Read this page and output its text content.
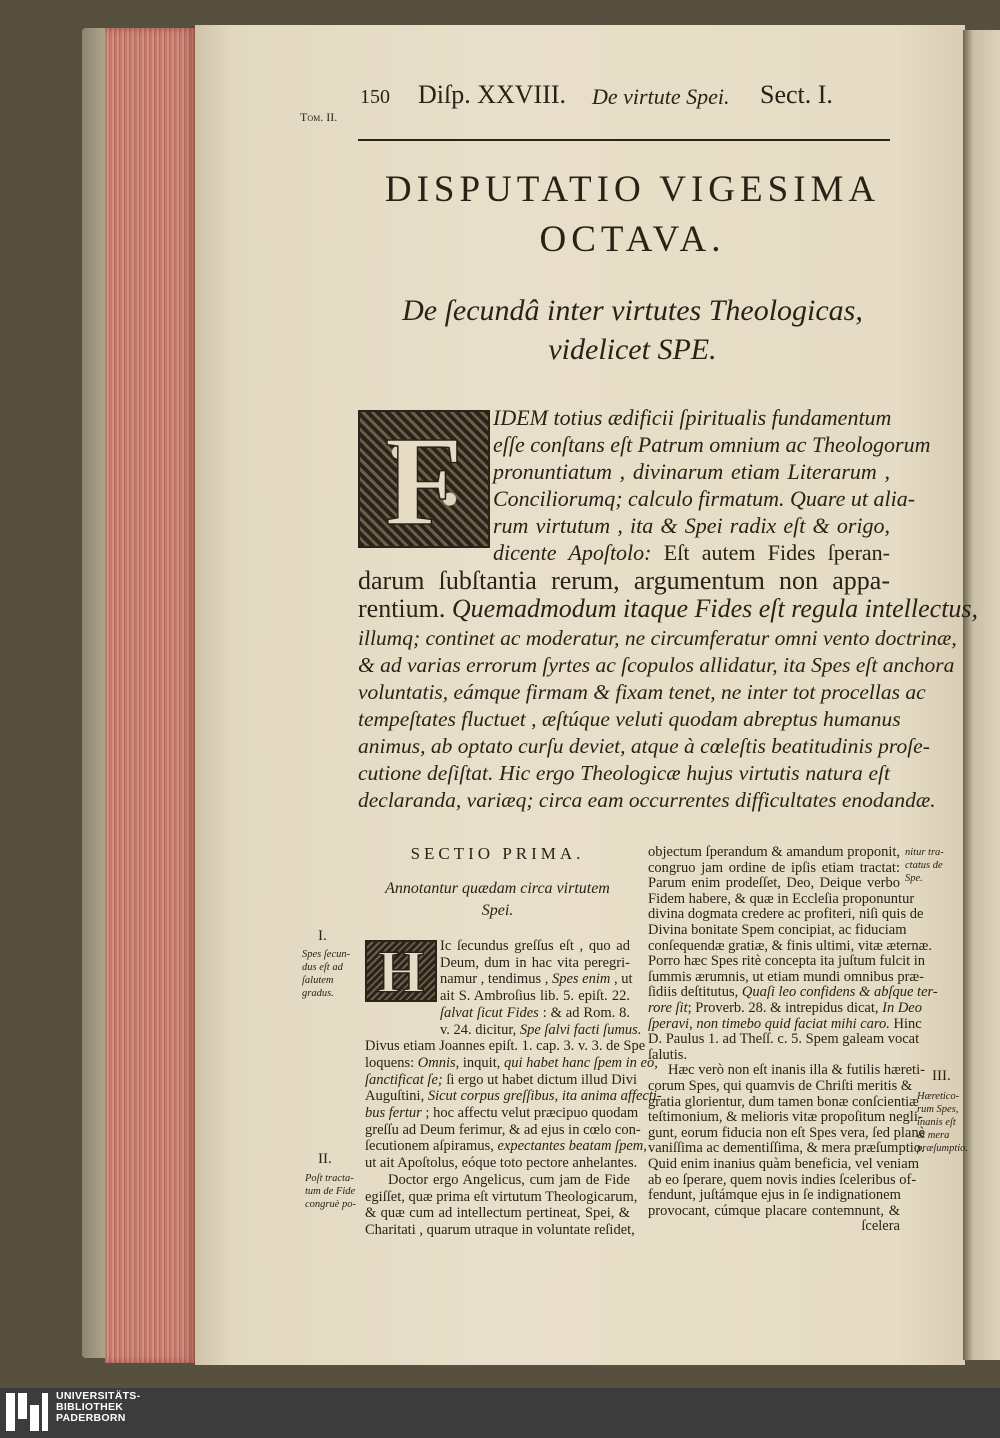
Tom. II.
150 Diſp. XXVIII. De virtute Spei. Sect. I.
DISPUTATIO VIGESIMA
OCTAVA.
De ſecundâ inter virtutes Theologicas,
videlicet SPE.
F	IDEM totius ædificii ſpiritualis fundamentum
eſſe conſtans eſt Patrum omnium ac Theologorum
pronuntiatum , divinarum etiam Literarum ,
Conciliorumq; calculo firmatum. Quare ut alia-
rum virtutum , ita & Spei radix eſt & origo,
dicente Apoſtolo: Eſt autem Fides ſperan-
darum ſubſtantia rerum, argumentum non appa-
rentium. Quemadmodum itaque Fides eſt regula intellectus,
illumq; continet ac moderatur, ne circumferatur omni vento doctrinæ,
& ad varias errorum ſyrtes ac ſcopulos allidatur, ita Spes eſt anchora
voluntatis, eámque firmam & fixam tenet, ne inter tot procellas ac
tempeſtates fluctuet , æſtúque veluti quodam abreptus humanus
animus, ab optato curſu deviet, atque à cœleſtis beatitudinis proſe-
cutione deſiſtat. Hic ergo Theologicæ hujus virtutis natura eſt
declaranda, variæq; circa eam occurrentes difficultates enodandæ.
SECTIO PRIMA.
Annotantur quædam circa virtutem
Spei.
H	Ic ſecundus greſſus eſt , quo ad
Deum, dum in hac vita peregri-
namur , tendimus , Spes enim , ut
ait S. Ambroſius lib. 5. epiſt. 22.
ſalvat ſicut Fides : & ad Rom. 8.
v. 24. dicitur, Spe ſalvi facti ſumus.
Divus etiam Joannes epiſt. 1. cap. 3. v. 3. de Spe
loquens: Omnis, inquit, qui habet hanc ſpem in eo,
ſanctificat ſe; ſi ergo ut habet dictum illud Divi
Auguſtini, Sicut corpus greſſibus, ita anima affecti-
bus fertur ; hoc affectu velut præcipuo quodam
greſſu ad Deum ferimur, & ad ejus in cœlo con-
ſecutionem aſpiramus, expectantes beatam ſpem,
ut ait Apoſtolus, eóque toto pectore anhelantes.
Doctor ergo Angelicus, cum jam de Fide
egiſſet, quæ prima eſt virtutum Theologicarum,
& quæ cum ad intellectum pertineat, Spei, &
Charitati , quarum utraque in voluntate reſidet,
objectum ſperandum & amandum proponit,
congruo jam ordine de ipſis etiam tractat:
Parum enim prodeſſet, Deo, Deique verbo
Fidem habere, & quæ in Eccleſia proponuntur
divina dogmata credere ac profiteri, niſi quis de
Divina bonitate Spem concipiat, ac fiduciam
conſequendæ gratiæ, & finis ultimi, vitæ æternæ.
Porro hæc Spes ritè concepta ita juſtum fulcit in
ſummis ærumnis, ut etiam mundi omnibus præ-
ſidiis deſtitutus, Quaſi leo confidens & abſque ter-
rore ſit; Proverb. 28. & intrepidus dicat, In Deo
ſperavi, non timebo quid faciat mihi caro. Hinc
D. Paulus 1. ad Theſſ. c. 5. Spem galeam vocat
ſalutis.
Hæc verò non eſt inanis illa & futilis hæreti-
corum Spes, qui quamvis de Chriſti meritis &
gratia glorientur, dum tamen bonæ conſcientiæ
teſtimonium, & melioris vitæ propoſitum negli-
gunt, eorum fiducia non eſt Spes vera, ſed planè
vaniſſima ac dementiſſima, & mera præſumptio.
Quid enim inanius quàm beneficia, vel veniam
ab eo ſperare, quem novis indies ſceleribus of-
fendunt, juſtámque ejus in ſe indignationem
provocant, cúmque placare contemnunt, &
ſcelera
I.
Spes ſecun-
dus eſt ad
ſalutem
gradus.
II.
Poſt tracta-
tum de Fide
congruè po-
nitur tra-
ctatus de
Spe.
III.
Hæretico-
rum Spes,
inanis eſt
& mera
præſumptio.
UNIVERSITÄTS-
BIBLIOTHEK
PADERBORN
